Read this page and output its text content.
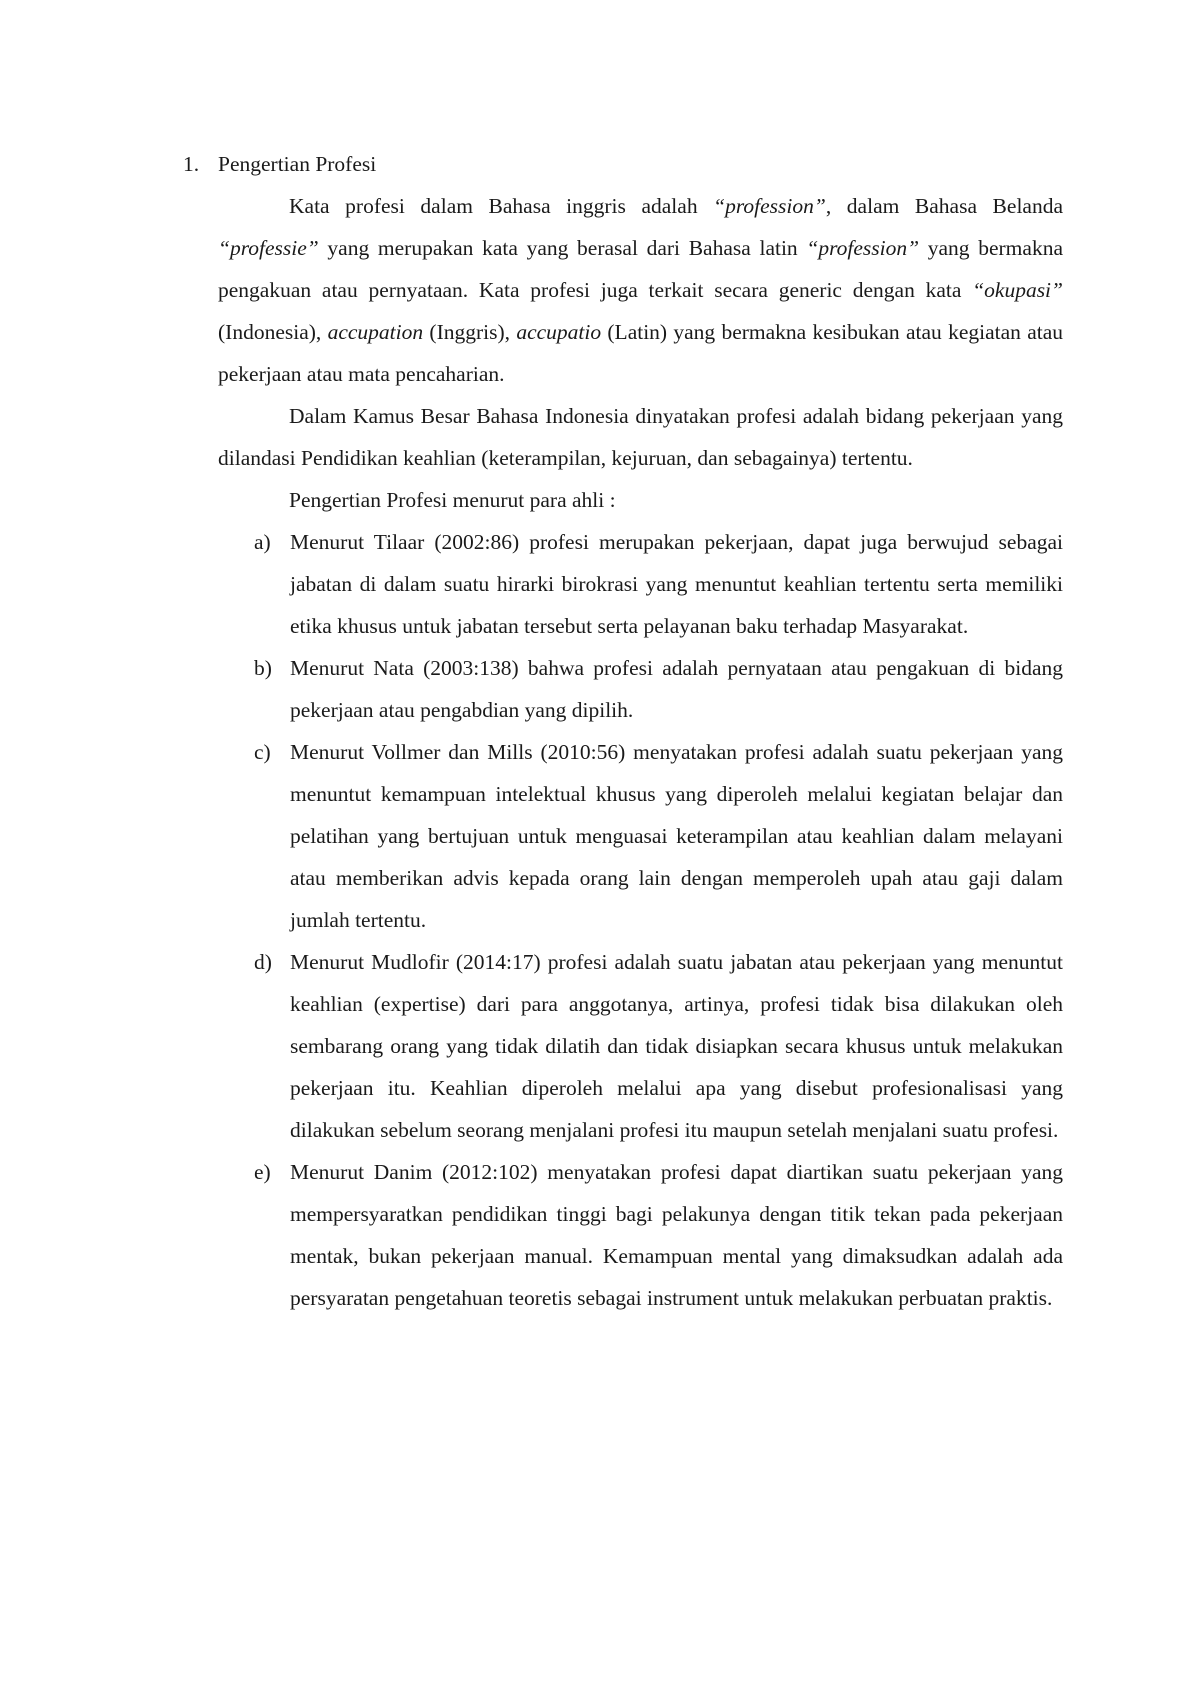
1. Pengertian Profesi

Kata profesi dalam Bahasa inggris adalah “profession”, dalam Bahasa Belanda “professie” yang merupakan kata yang berasal dari Bahasa latin “profession” yang bermakna pengakuan atau pernyataan. Kata profesi juga terkait secara generic dengan kata “okupasi” (Indonesia), accupation (Inggris), accupatio (Latin) yang bermakna kesibukan atau kegiatan atau pekerjaan atau mata pencaharian.

Dalam Kamus Besar Bahasa Indonesia dinyatakan profesi adalah bidang pekerjaan yang dilandasi Pendidikan keahlian (keterampilan, kejuruan, dan sebagainya) tertentu.

Pengertian Profesi menurut para ahli :

a) Menurut Tilaar (2002:86) profesi merupakan pekerjaan, dapat juga berwujud sebagai jabatan di dalam suatu hirarki birokrasi yang menuntut keahlian tertentu serta memiliki etika khusus untuk jabatan tersebut serta pelayanan baku terhadap Masyarakat.
b) Menurut Nata (2003:138) bahwa profesi adalah pernyataan atau pengakuan di bidang pekerjaan atau pengabdian yang dipilih.
c) Menurut Vollmer dan Mills (2010:56) menyatakan profesi adalah suatu pekerjaan yang menuntut kemampuan intelektual khusus yang diperoleh melalui kegiatan belajar dan pelatihan yang bertujuan untuk menguasai keterampilan atau keahlian dalam melayani atau memberikan advis kepada orang lain dengan memperoleh upah atau gaji dalam jumlah tertentu.
d) Menurut Mudlofir (2014:17) profesi adalah suatu jabatan atau pekerjaan yang menuntut keahlian (expertise) dari para anggotanya, artinya, profesi tidak bisa dilakukan oleh sembarang orang yang tidak dilatih dan tidak disiapkan secara khusus untuk melakukan pekerjaan itu. Keahlian diperoleh melalui apa yang disebut profesionalisasi yang dilakukan sebelum seorang menjalani profesi itu maupun setelah menjalani suatu profesi.
e) Menurut Danim (2012:102) menyatakan profesi dapat diartikan suatu pekerjaan yang mempersyaratkan pendidikan tinggi bagi pelakunya dengan titik tekan pada pekerjaan mentak, bukan pekerjaan manual. Kemampuan mental yang dimaksudkan adalah ada persyaratan pengetahuan teoretis sebagai instrument untuk melakukan perbuatan praktis.
